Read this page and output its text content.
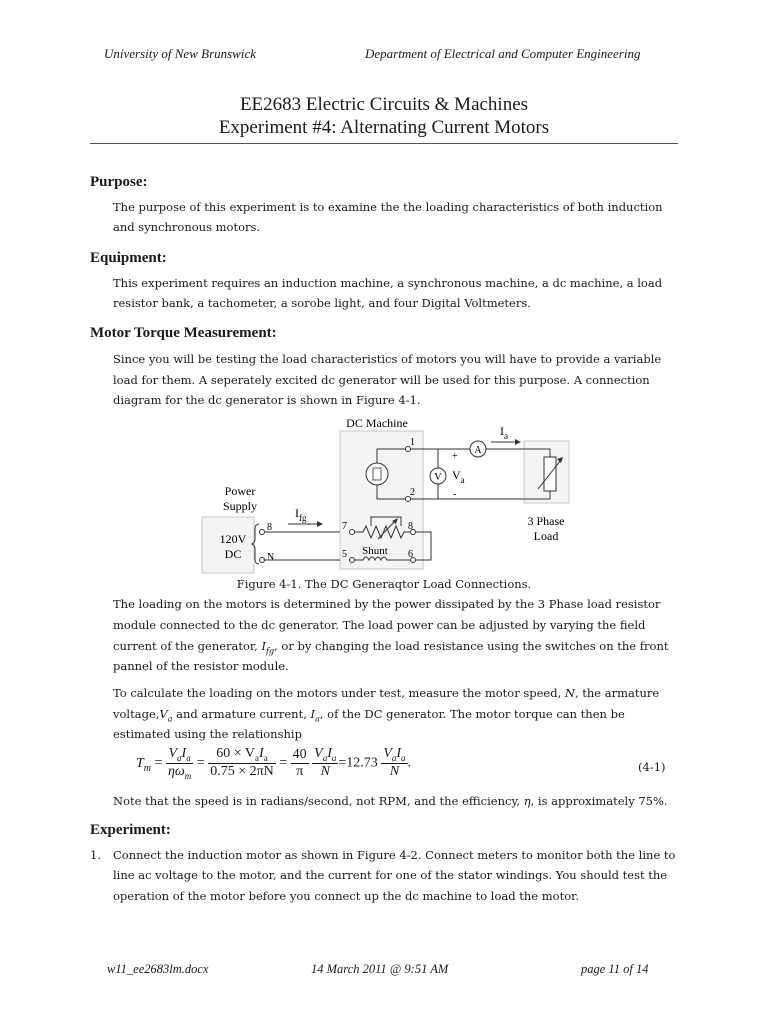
University of New Brunswick	Department of Electrical and Computer Engineering
EE2683 Electric Circuits & Machines
Experiment #4: Alternating Current Motors
Purpose:
The purpose of this experiment is to examine the the loading characteristics of both induction
and synchronous motors.
Equipment:
This experiment requires an induction machine, a synchronous machine, a dc machine, a load
resistor bank, a tachometer, a sorobe light, and four Digital Voltmeters.
Motor Torque Measurement:
Since you will be testing the load characteristics of motors you will have to provide a variable
load for them. A seperately excited dc generator will be used for this purpose. A connection
diagram for the dc generator is shown in Figure 4-1.
DC Machine
Power
Supply
120V
DC
3 Phase
Load
8
N
$I_{fg}$
7
5
8
Shunt 6
1
2
A
V $V_a$
+
-
$I_a$
Figure 4-1. The DC Generaqtor Load Connections.
The loading on the motors is determined by the power dissipated by the 3 Phase load resistor
module connected to the dc generator. The load power can be adjusted by varying the field
current of the generator, $I_{fg}$, or by changing the load resistance using the switches on the front
pannel of the resistor module.
To calculate the loading on the motors under test, measure the motor speed, N, the armature
$voltage,V_a$ and armature current, $I_a$, of the DC generator. The motor torque can then be
estimated using the relationship
$T_m = \frac{V_aI_a}{\eta\omega_m} = \frac{60 \times V_aI_a}{0.75 \times 2\pi N} = \frac{40}{\pi}$
$\frac{V_aI_a}{N} =12.73 \frac{V_aI_a}{N}$ .	(4-1)
Note that the speed is in radians/second, not RPM, and the efficiency, η, is approximately 75%.
Experiment:
1. Connect the induction motor as shown in Figure 4-2. Connect meters to monitor both the line to
line ac voltage to the motor, and the current for one of the stator windings. You should test the
operation of the motor before you connect up the dc machine to load the motor.
w11_ee2683lm.docx	14 March 2011 @ 9:51 AM	page 11 of 14
